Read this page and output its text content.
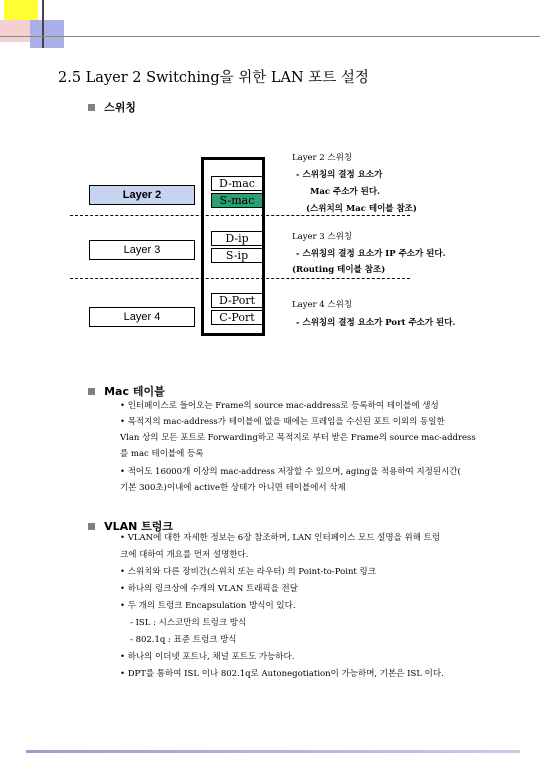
2.5 Layer 2 Switching을 위한 LAN 포트 설정
스위칭
Layer 2
Layer 3
Layer 4
D-mac
S-mac
D-ip
S-ip
D-Port
C-Port
Layer 2 스위칭
- 스위칭의 결정 요소가
Mac 주소가 된다.
(스위치의 Mac 테이블 참조)
Layer 3 스위칭
- 스위칭의 결정 요소가 IP 주소가 된다.
(Routing 테이블 참조)
Layer 4 스위칭
- 스위칭의 결정 요소가 Port 주소가 된다.
Mac 테이블
• 인터페이스로 들어오는 Frame의 source mac-address로 등록하여 테이블에 생성
• 목적지의 mac-address가 테이블에 없을 때에는 프레임을 수신된 포트 이외의 동일한
Vlan 상의 모든 포트로 Forwarding하고 목적지로 부터 받은 Frame의 source mac-address
를 mac 테이블에 등록
• 적어도 16000개 이상의 mac-address 저장할 수 있으며, aging을 적용하여 지정된시간(
기본 300초)이내에 active한 상태가 아니면 테이블에서 삭제
VLAN 트렁크
• VLAN에 대한 자세한 정보는 6장 참조하며, LAN 인터페이스 모드 설명을 위해 트렁
크에 대하여 개요를 먼저 설명한다.
• 스위치와 다른 장비간(스위치 또는 라우터) 의 Point-to-Point 링크
• 하나의 링크상에 수개의 VLAN 트래픽을 전달
• 두 개의 트렁크 Encapsulation 방식이 있다.
- ISL : 시스코만의 트렁크 방식
- 802.1q : 표준 트렁크 방식
• 하나의 이더넷 포트나, 채널 포트도 가능하다.
• DPT를 통하여 ISL 이나 802.1q로 Autonegotiation이 가능하며, 기본은 ISL 이다.
